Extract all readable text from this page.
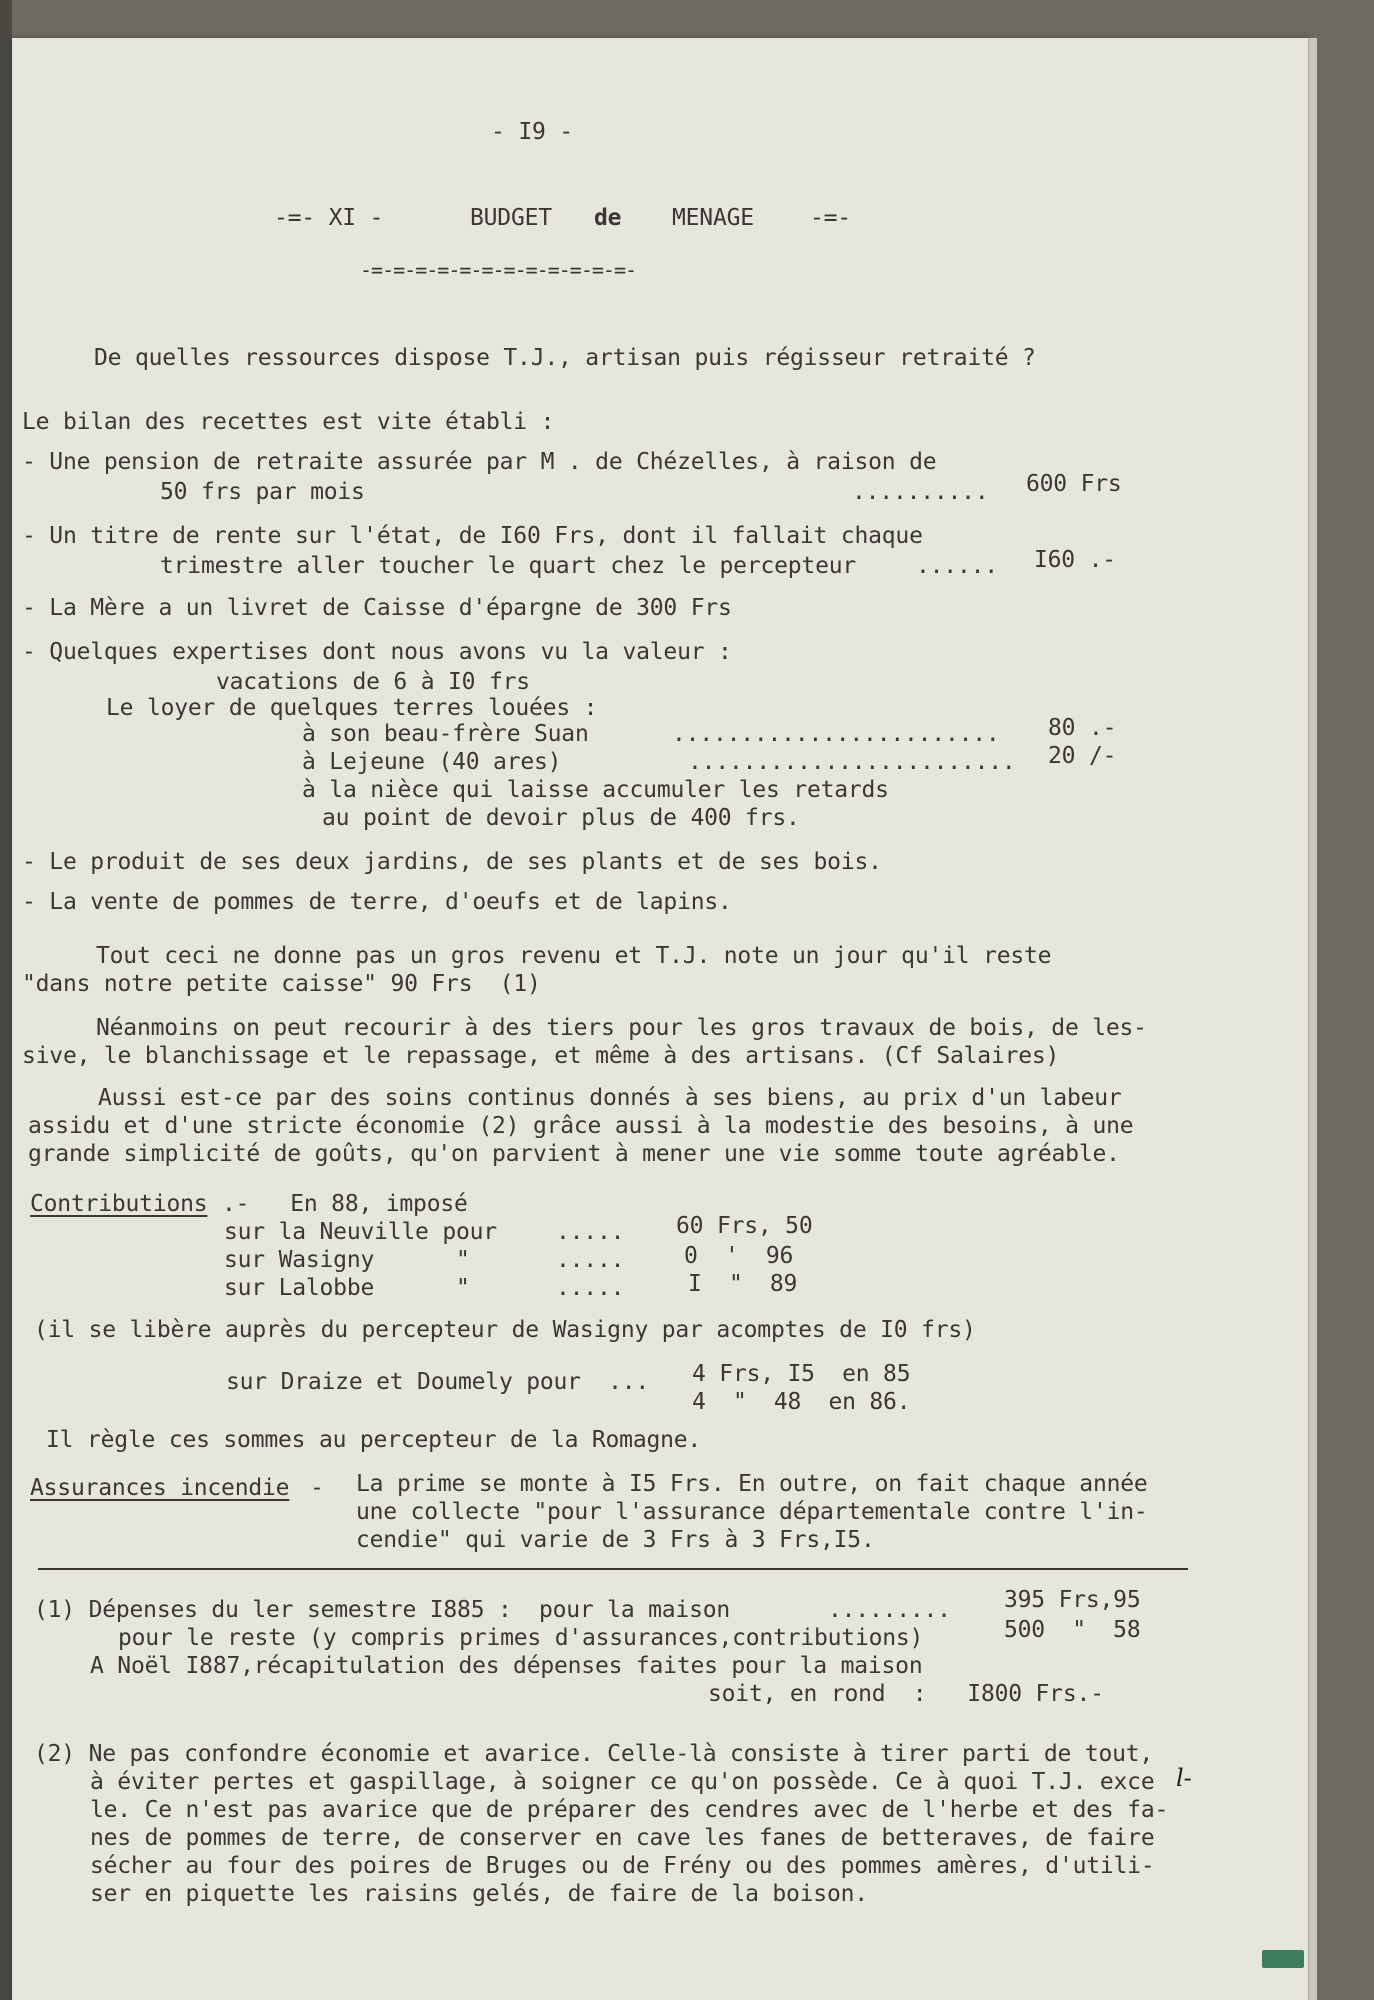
- I9 -
-=- XI -	BUDGET de MENAGE -=-
-=-=-=-=-=-=-=-=-=-=-=-=-
De quelles ressources dispose T.J., artisan puis régisseur retraité ?
Le bilan des recettes est vite établi :
- Une pension de retraite assurée par M . de Chézelles, à raison de
50 frs par mois	.......... 600 Frs
- Un titre de rente sur l'état, de I60 Frs, dont il fallait chaque
trimestre aller toucher le quart chez le percepteur	...... I60 .-
- La Mère a un livret de Caisse d'épargne de 300 Frs
- Quelques expertises dont nous avons vu la valeur :
vacations de 6 à I0 frs
Le loyer de quelques terres louées :
à son beau-frère Suan	........................ 80 .-
à Lejeune (40 ares)	........................ 20 /-
à la nièce qui laisse accumuler les retards
au point de devoir plus de 400 frs.
- Le produit de ses deux jardins, de ses plants et de ses bois.
- La vente de pommes de terre, d'oeufs et de lapins.
Tout ceci ne donne pas un gros revenu et T.J. note un jour qu'il reste
"dans notre petite caisse" 90 Frs  (1)
Néanmoins on peut recourir à des tiers pour les gros travaux de bois, de les-
sive, le blanchissage et le repassage, et même à des artisans. (Cf Salaires)
Aussi est-ce par des soins continus donnés à ses biens, au prix d'un labeur
assidu et d'une stricte économie (2) grâce aussi à la modestie des besoins, à une
grande simplicité de goûts, qu'on parvient à mener une vie somme toute agréable.
Contributions .-   En 88, imposé
sur la Neuville pour	..... 60 Frs, 50
sur Wasigny      "	.....	0  '  96
sur Lalobbe      "	.....	I  "  89
(il se libère auprès du percepteur de Wasigny par acomptes de I0 frs)
sur Draize et Doumely pour  ... 4 Frs, I5  en 85
4  "  48  en 86.
Il règle ces sommes au percepteur de la Romagne.
Assurances incendie - La prime se monte à I5 Frs. En outre, on fait chaque année
une collecte "pour l'assurance départementale contre l'in-
cendie" qui varie de 3 Frs à 3 Frs,I5.
(1) Dépenses du ler semestre I885 :  pour la maison	......... 395 Frs,95
pour le reste (y compris primes d'assurances,contributions)	500  "  58
A Noël I887,récapitulation des dépenses faites pour la maison
soit, en rond  :   I800 Frs.-
(2) Ne pas confondre économie et avarice. Celle-là consiste à tirer parti de tout,
à éviter pertes et gaspillage, à soigner ce qu'on possède. Ce à quoi T.J. exce l-
le. Ce n'est pas avarice que de préparer des cendres avec de l'herbe et des fa-
nes de pommes de terre, de conserver en cave les fanes de betteraves, de faire
sécher au four des poires de Bruges ou de Frény ou des pommes amères, d'utili-
ser en piquette les raisins gelés, de faire de la boison.
